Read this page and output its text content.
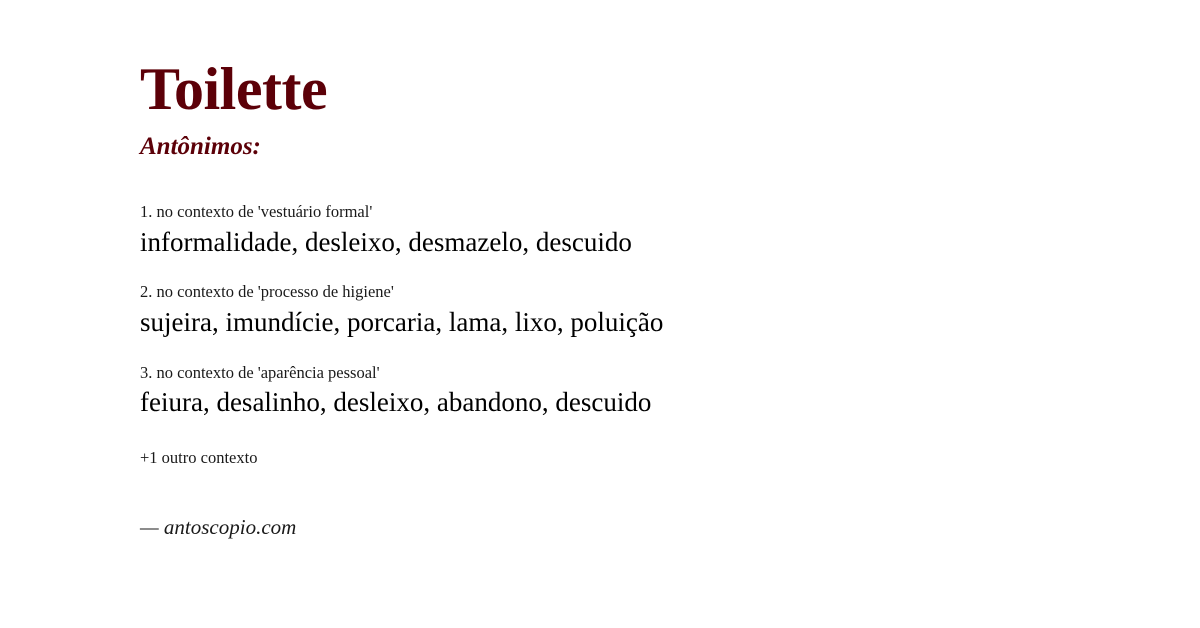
Toilette
Antônimos:

1. no contexto de 'vestuário formal'

informalidade, desleixo, desmazelo, descuido

2. no contexto de 'processo de higiene'

sujeira, imundície, porcaria, lama, lixo, poluição

3. no contexto de 'aparência pessoal'

feiura, desalinho, desleixo, abandono, descuido

+1 outro contexto

— antoscopio.com
